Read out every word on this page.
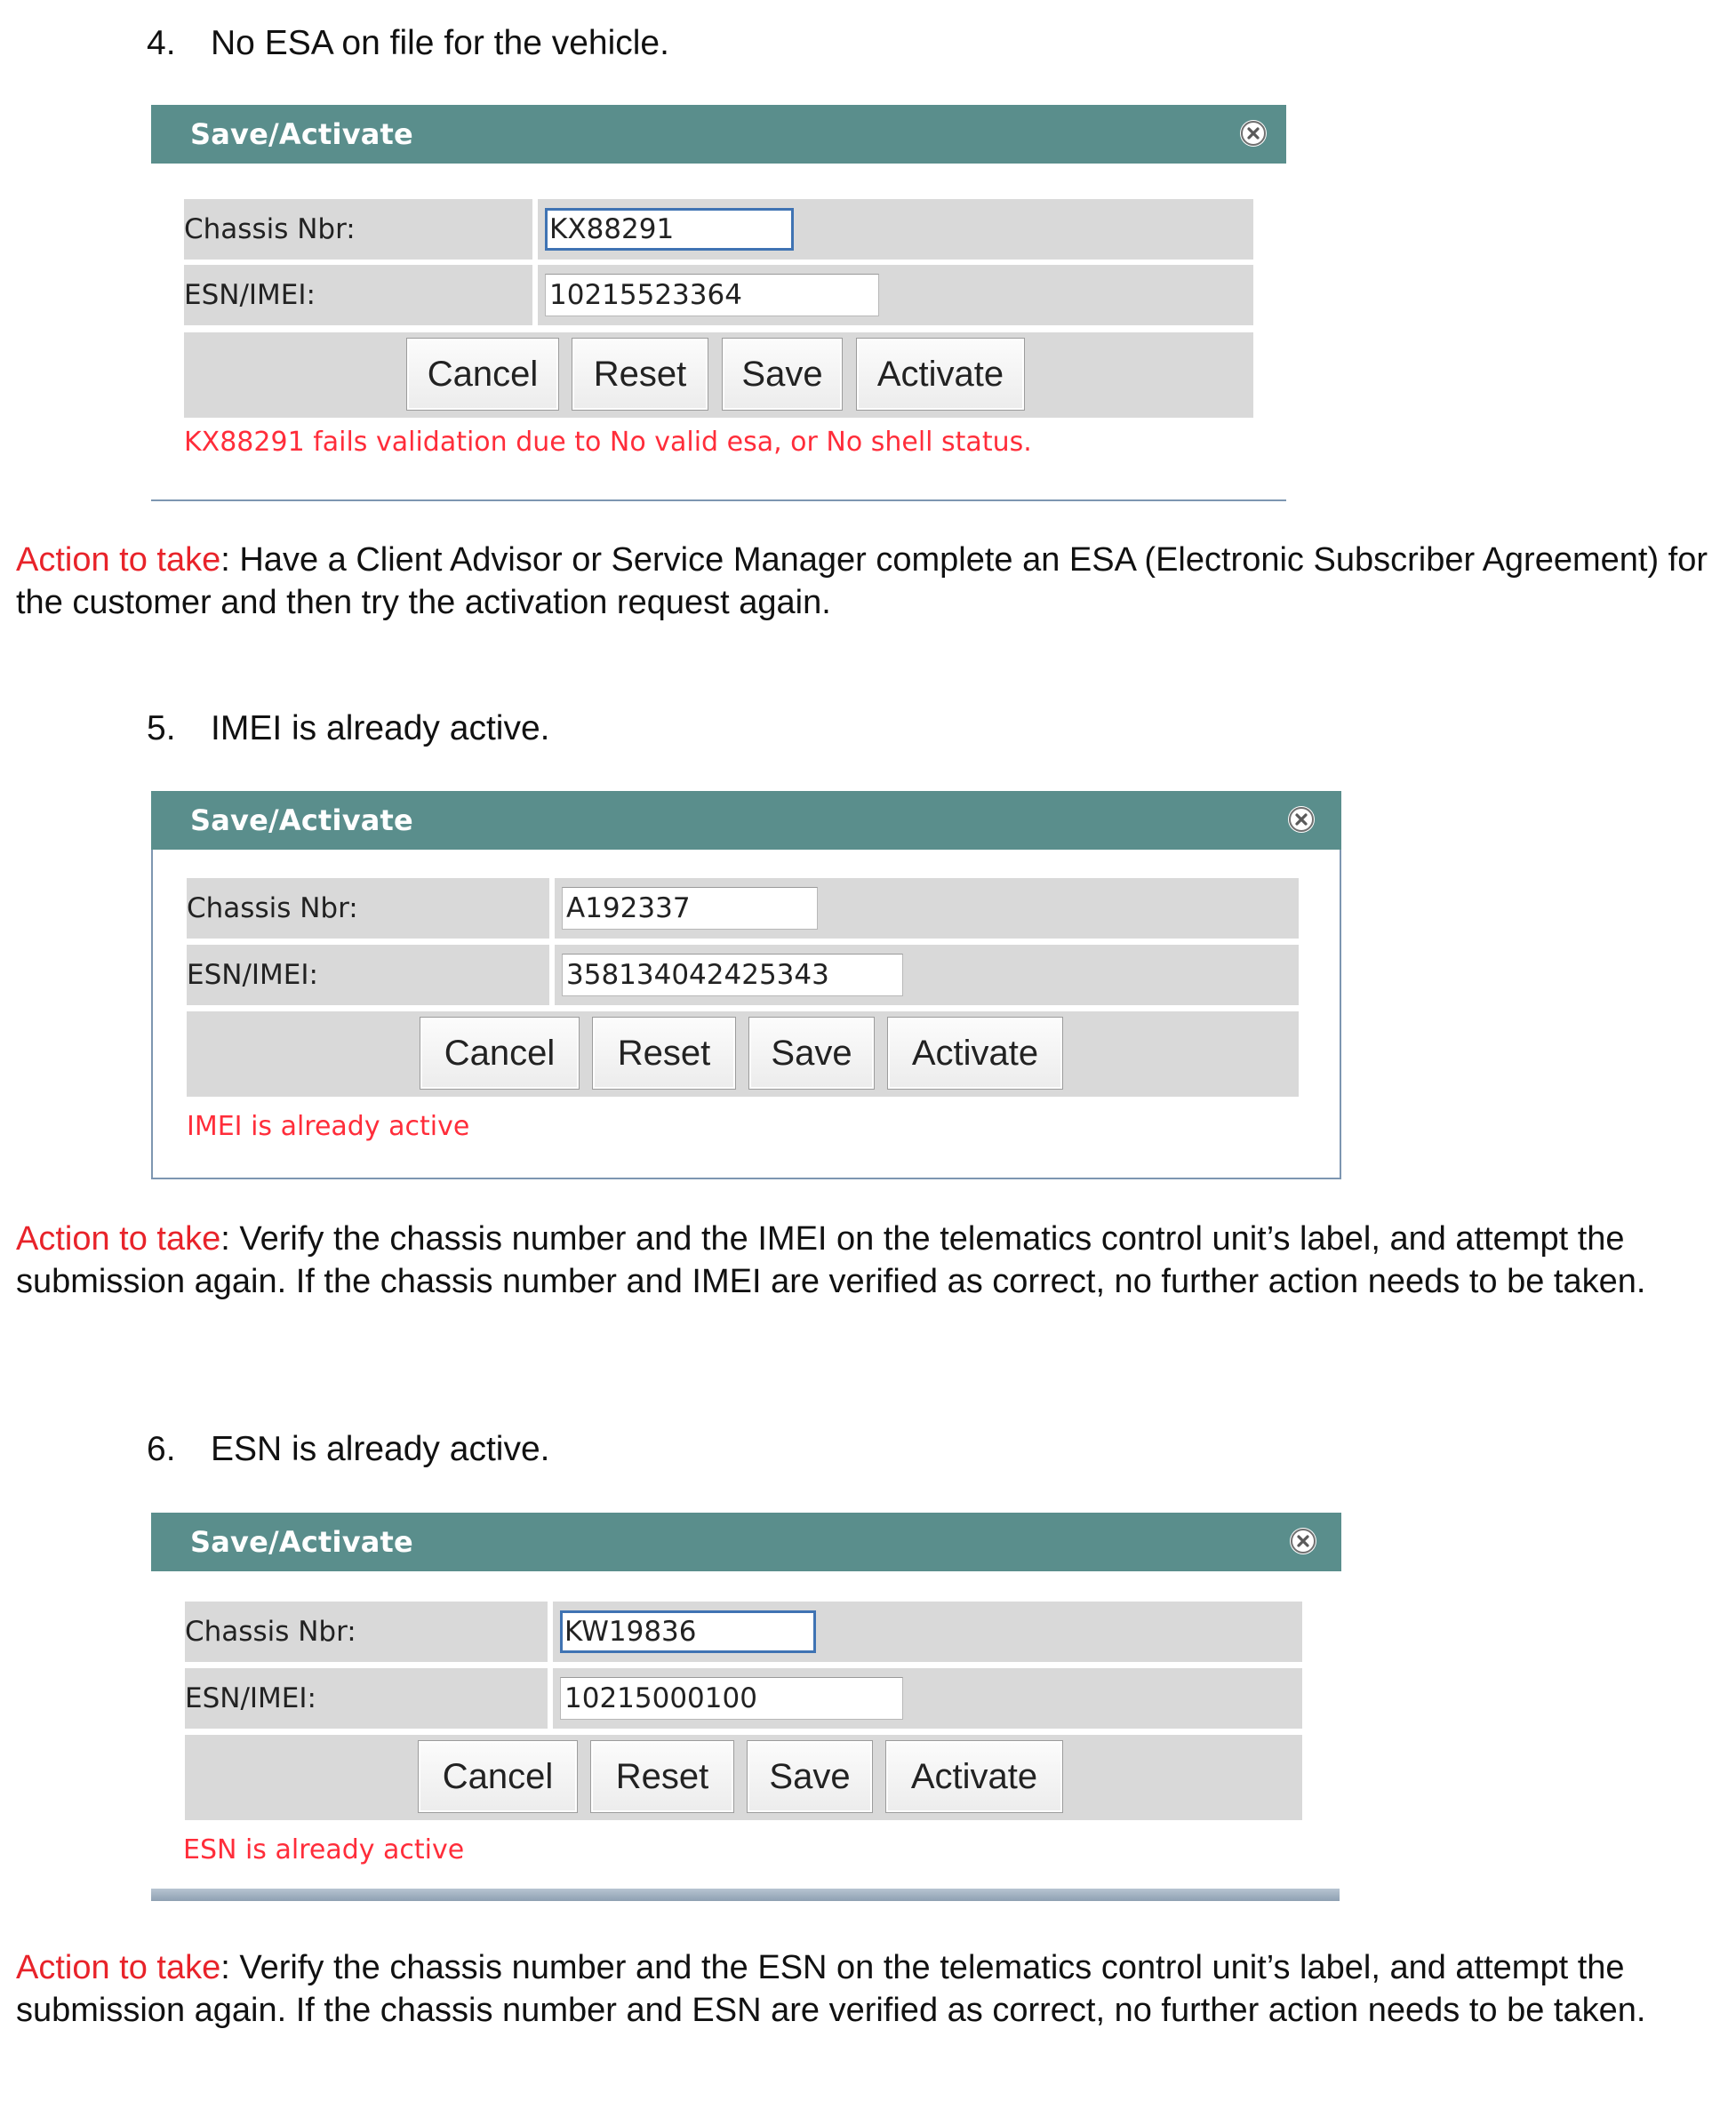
4. No ESA on file for the vehicle.
Save/Activate
Chassis Nbr:
KX88291
ESN/IMEI:
10215523364
Cancel	Reset	Save	Activate
KX88291 fails validation due to No valid esa, or No shell status.
Action to take: Have a Client Advisor or Service Manager complete an ESA (Electronic Subscriber Agreement) for the customer and then try the activation request again.
5. IMEI is already active.
Save/Activate
Chassis Nbr:
A192337
ESN/IMEI:
358134042425343
Cancel	Reset	Save	Activate
IMEI is already active
Action to take: Verify the chassis number and the IMEI on the telematics control unit’s label, and attempt the submission again. If the chassis number and IMEI are verified as correct, no further action needs to be taken.
6. ESN is already active.
Save/Activate
Chassis Nbr:
KW19836
ESN/IMEI:
10215000100
Cancel	Reset	Save	Activate
ESN is already active
Action to take: Verify the chassis number and the ESN on the telematics control unit’s label, and attempt the submission again. If the chassis number and ESN are verified as correct, no further action needs to be taken.
